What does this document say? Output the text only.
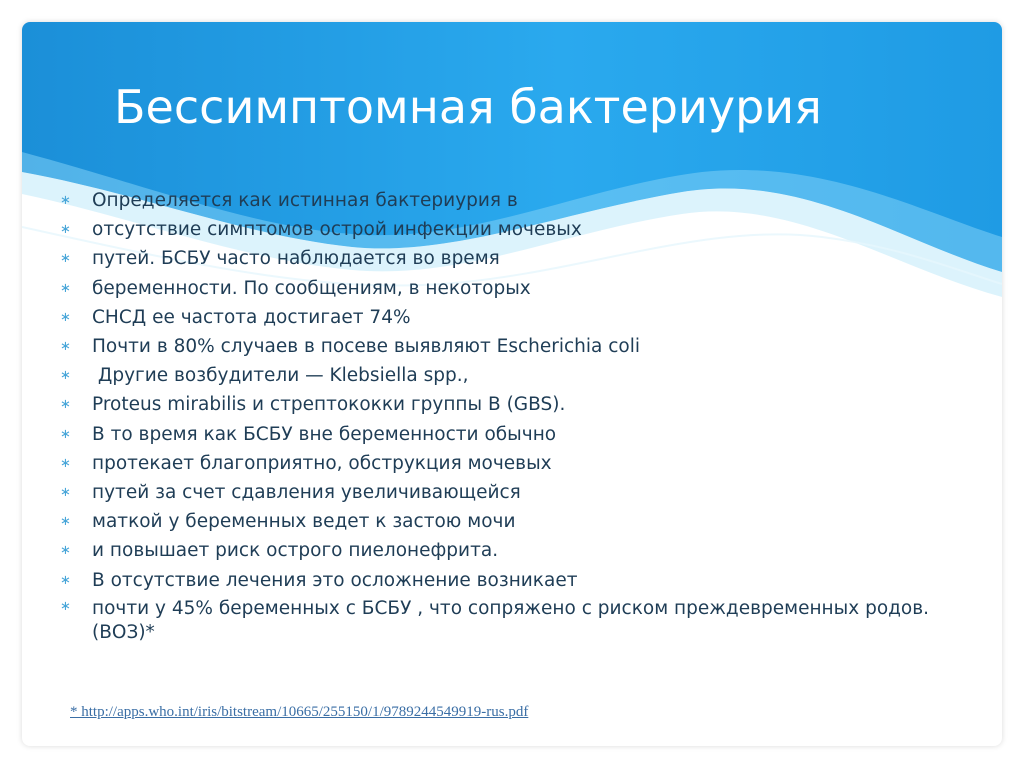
Бессимптомная бактериурия
∗ Определяется как истинная бактериурия в
∗ отсутствие симптомов острой инфекции мочевых
∗ путей. БСБУ часто наблюдается во время
∗ беременности. По сообщениям, в некоторых
∗ СНСД ее частота достигает 74%
∗ Почти в 80% случаев в посеве выявляют Escherichia coli
∗ Другие возбудители — Klebsiella spp.,
∗ Proteus mirabilis и стрептококки группы В (GBS).
∗ В то время как БСБУ вне беременности обычно
∗ протекает благоприятно, обструкция мочевых
∗ путей за счет сдавления увеличивающейся
∗ маткой у беременных ведет к застою мочи
∗ и повышает риск острого пиелонефрита.
∗ В отсутствие лечения это осложнение возникает
∗ почти у 45% беременных с БСБУ , что сопряжено с риском преждевременных родов. (ВОЗ)*
* http://apps.who.int/iris/bitstream/10665/255150/1/9789244549919-rus.pdf
